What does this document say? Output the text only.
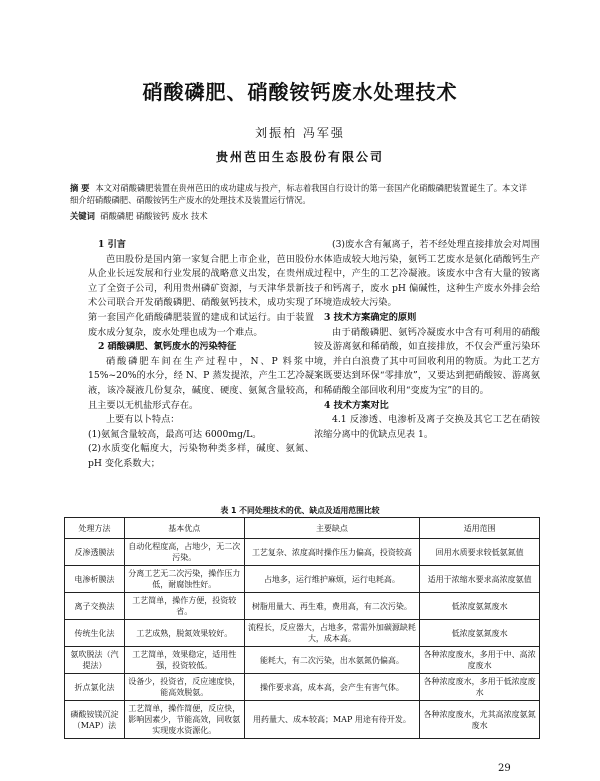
硝酸磷肥、硝酸铵钙废水处理技术
刘振柏 冯军强
贵州芭田生态股份有限公司
摘 要 本文对硝酸磷肥装置在贵州芭田的成功建成与投产，标志着我国自行设计的第一套国产化硝酸磷肥装置诞生了。本文详细介绍硝酸磷肥、硝酸铵钙生产废水的处理技术及装置运行情况。
关键词 硝酸磷肥 硝酸铵钙 废水 技术
1 引言

芭田股份是国内第一家复合肥上市企业，芭田股份从企业长远发展和行业发展的战略意义出发，在贵州成立了全资子公司，利用贵州磷矿资源，与天津华景新技术公司联合开发硝酸磷肥、硝酸氨钙技术，成功实现了第一套国产化硝酸磷肥装置的建成和试运行。由于装置废水成分复杂，废水处理也成为一个难点。

2 硝酸磷肥、氯钙废水的污染特征

硝酸磷肥车间在生产过程中，N、P 料浆中15%~20%的水分，经 N、P 蒸发提浓，产生工艺冷凝液，该冷凝液几份复杂，碱度、硬度、氨氮含量较高，且主要以无机盐形式存在。

上要有以卜特点：

(1)氨氮含量较高，最高可达 6000mg/L。

(2)水质变化幅度大，污染物种类多样，碱度、氨氮、pH 变化系数大；

(3)废水含有氟离子，若不经处理直接排放会对周围水体造成较大地污染，氨钙工艺废水是氨化硝酸钙生产过程中，产生的工艺冷凝液。该废水中含有大量的铵离子和钙离子，废水 pH 偏碱性，这种生产废水外排会给环境造成较大污染。

3 技术方案确定的原则

由于硝酸磷肥、氨钙冷凝废水中含有可利用的硝酸铵及游离氨和稀硝酸，如直接排放，不仅会严重污染环境，并白白浪费了其中可回收利用的物质。为此工艺方案既要达到环保“零排放”，又要达到把硝酸铵、游离氨和稀硝酸全部回收利用“变废为宝”的目的。

4 技术方案对比

4.1 反渗透、电渗析及离子交换及其它工艺在硝铵浓缩分离中的优缺点见表 1。

表 1 不同处理技术的优、缺点及适用范围比较
处理方法	基本优点	主要缺点	适用范围
反渗透膜法	自动化程度高，占地少，无二次污染。	工艺复杂、浓度高时操作压力偏高，投资较高	回用水质要求较低氨氮值
电渗析膜法	分离工艺无二次污染，操作压力低，耐腐蚀性好。	占地多，运行维护麻烦，运行电耗高。	适用于浓缩水要求高浓度氨值
离子交换法	工艺简单，操作方便，投资较省。	树脂用量大、再生难，费用高，有二次污染。	低浓度氨氮废水
传统生化法	工艺成熟，脱氮效果较好。	流程长，反应器大，占地多，常需外加碳源缺耗大，成本高。	低浓度氨氮废水
氨吹脱法（汽提法）	工艺简单，效果稳定，适用性强，投资较低。	能耗大，有二次污染，出水氨氮仍偏高。	各种浓度废水，多用于中、高浓度废水
折点氯化法	设备少，投资省，反应速度快，能高效脱氨。	操作要求高，成本高，会产生有害气体。	各种浓度废水，多用于低浓度废水
磷酸铵镁沉淀（MAP）法	工艺简单，操作简便，反应快，影响因素少，节能高效，同收氨实现废水资源化。	用药量大、成本较高；MAP 用途有待开发。	各种浓度废水，尤其高浓度氨氮废水
29
